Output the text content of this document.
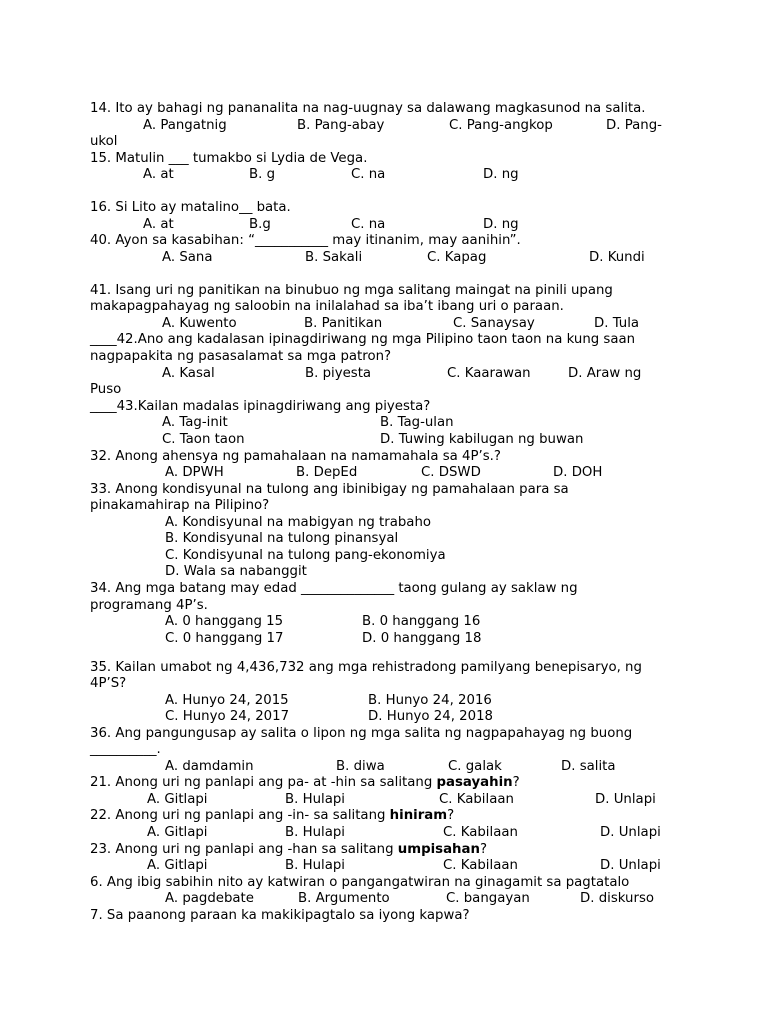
14. Ito ay bahagi ng pananalita na nag-uugnay sa dalawang magkasunod na salita.
A. Pangatnig	B. Pang-abay	C. Pang-angkop	D. Pang-
ukol
15. Matulin ___ tumakbo si Lydia de Vega.
A. at	B. g	C. na	D. ng
16. Si Lito ay matalino__ bata.
A. at	B.g	C. na	D. ng
40. Ayon sa kasabihan: “___________ may itinanim, may aanihin”.
A. Sana	B. Sakali	C. Kapag	D. Kundi
41. Isang uri ng panitikan na binubuo ng mga salitang maingat na pinili upang
makapagpahayag ng saloobin na inilalahad sa iba’t ibang uri o paraan.
A. Kuwento	B. Panitikan	C. Sanaysay	D. Tula
____42.Ano ang kadalasan ipinagdiriwang ng mga Pilipino taon taon na kung saan
nagpapakita ng pasasalamat sa mga patron?
A. Kasal	B. piyesta	C. Kaarawan	D. Araw ng
Puso
____43.Kailan madalas ipinagdiriwang ang piyesta?
A. Tag-init	B. Tag-ulan
C. Taon taon	D. Tuwing kabilugan ng buwan
32. Anong ahensya ng pamahalaan na namamahala sa 4P’s.?
A. DPWH	B. DepEd	C. DSWD	D. DOH
33. Anong kondisyunal na tulong ang ibinibigay ng pamahalaan para sa
pinakamahirap na Pilipino?
A. Kondisyunal na mabigyan ng trabaho
B. Kondisyunal na tulong pinansyal
C. Kondisyunal na tulong pang-ekonomiya
D. Wala sa nabanggit
34. Ang mga batang may edad ______________ taong gulang ay saklaw ng
programang 4P’s.
A. 0 hanggang 15	B. 0 hanggang 16
C. 0 hanggang 17	D. 0 hanggang 18
35. Kailan umabot ng 4,436,732 ang mga rehistradong pamilyang benepisaryo, ng
4P’S?
A. Hunyo 24, 2015	B. Hunyo 24, 2016
C. Hunyo 24, 2017	D. Hunyo 24, 2018
36. Ang pangungusap ay salita o lipon ng mga salita ng nagpapahayag ng buong
__________.
A. damdamin	B. diwa	C. galak	D. salita
21. Anong uri ng panlapi ang pa- at -hin sa salitang pasayahin?
A. Gitlapi	B. Hulapi	C. Kabilaan	D. Unlapi
22. Anong uri ng panlapi ang -in- sa salitang hiniram?
A. Gitlapi	B. Hulapi	C. Kabilaan	D. Unlapi
23. Anong uri ng panlapi ang -han sa salitang umpisahan?
A. Gitlapi	B. Hulapi	C. Kabilaan	D. Unlapi
6. Ang ibig sabihin nito ay katwiran o pangangatwiran na ginagamit sa pagtatalo
A. pagdebate	B. Argumento	C. bangayan	D. diskurso
7. Sa paanong paraan ka makikipagtalo sa iyong kapwa?
